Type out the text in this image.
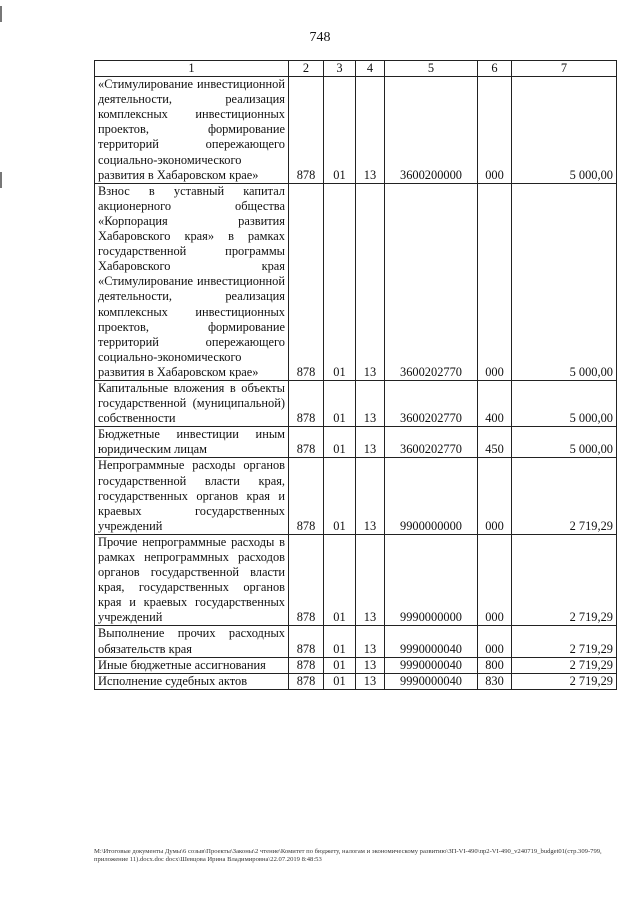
748
1	2	3	4	5	6	7
«Стимулирование инвестиционной деятельности, реализация комплексных инвестиционных проектов, формирование территорий опережающего социально-экономического развития в Хабаровском крае»	878	01	13	3600200000	000	5 000,00
Взнос в уставный капитал акционерного общества «Корпорация развития Хабаровского края» в рамках государственной программы Хабаровского края «Стимулирование инвестиционной деятельности, реализация комплексных инвестиционных проектов, формирование территорий опережающего социально-экономического развития в Хабаровском крае»	878	01	13	3600202770	000	5 000,00
Капитальные вложения в объекты государственной (муниципальной) собственности	878	01	13	3600202770	400	5 000,00
Бюджетные инвестиции иным юридическим лицам	878	01	13	3600202770	450	5 000,00
Непрограммные расходы органов государственной власти края, государственных органов края и краевых государственных учреждений	878	01	13	9900000000	000	2 719,29
Прочие непрограммные расходы в рамках непрограммных расходов органов государственной власти края, государственных органов края и краевых государственных учреждений	878	01	13	9990000000	000	2 719,29
Выполнение прочих расходных обязательств края	878	01	13	9990000040	000	2 719,29
Иные бюджетные ассигнования	878	01	13	9990000040	800	2 719,29
Исполнение судебных актов	878	01	13	9990000040	830	2 719,29
M:\Итоговые документы Думы\6 созыв\Проекты\Законы\2 чтение\Комитет по бюджету, налогам и экономическому развитию\ЗП-VI-490\пр2-VI-490_v240719_budget01(стр.309-799, приложение 11).docx.doc docx\Шевцова Ирина Владимировна\22.07.2019 8:48:53
